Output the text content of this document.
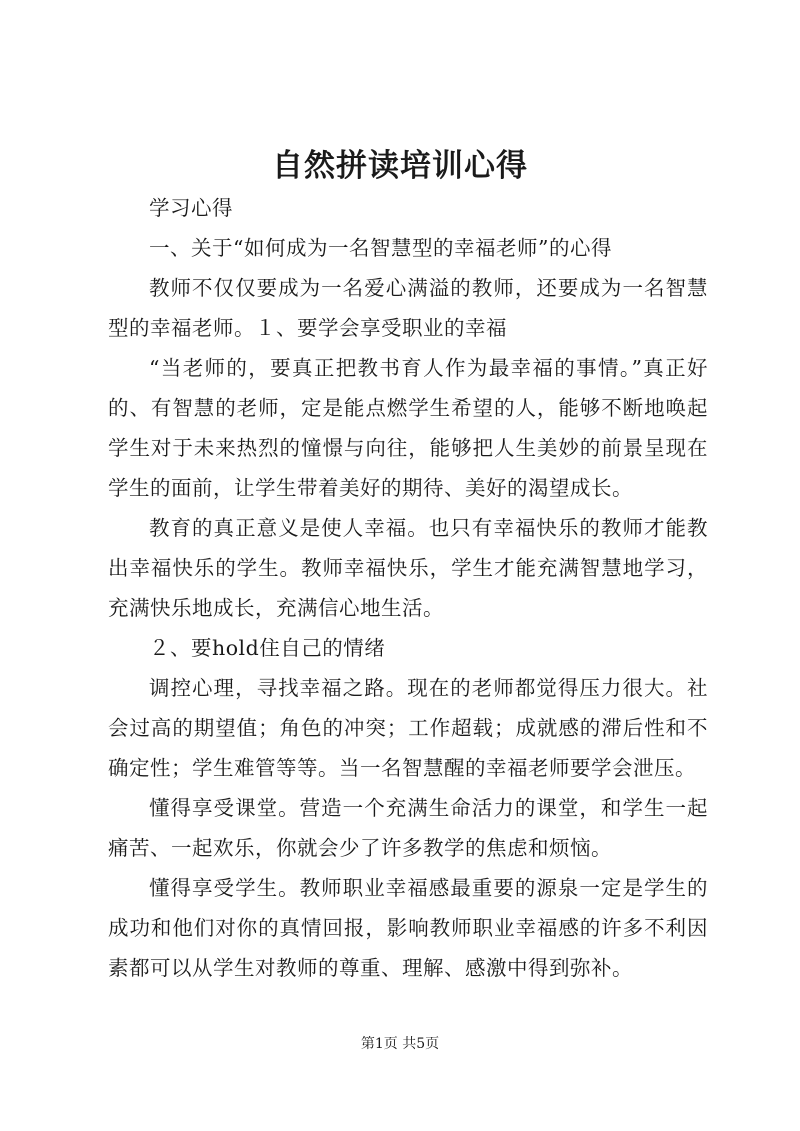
自然拼读培训心得

学习心得

一、关于“如何成为一名智慧型的幸福老师”的心得

教师不仅仅要成为一名爱心满溢的教师，还要成为一名智慧型的幸福老师。１、要学会享受职业的幸福

“当老师的，要真正把教书育人作为最幸福的事情。”真正好的、有智慧的老师，定是能点燃学生希望的人，能够不断地唤起学生对于未来热烈的憧憬与向往，能够把人生美妙的前景呈现在学生的面前，让学生带着美好的期待、美好的渴望成长。

教育的真正意义是使人幸福。也只有幸福快乐的教师才能教出幸福快乐的学生。教师幸福快乐，学生才能充满智慧地学习，充满快乐地成长，充满信心地生活。

２、要hold住自己的情绪

调控心理，寻找幸福之路。现在的老师都觉得压力很大。社会过高的期望值；角色的冲突；工作超载；成就感的滞后性和不确定性；学生难管等等。当一名智慧醒的幸福老师要学会泄压。

懂得享受课堂。营造一个充满生命活力的课堂，和学生一起痛苦、一起欢乐，你就会少了许多教学的焦虑和烦恼。

懂得享受学生。教师职业幸福感最重要的源泉一定是学生的成功和他们对你的真情回报，影响教师职业幸福感的许多不利因素都可以从学生对教师的尊重、理解、感激中得到弥补。

第1页 共5页
